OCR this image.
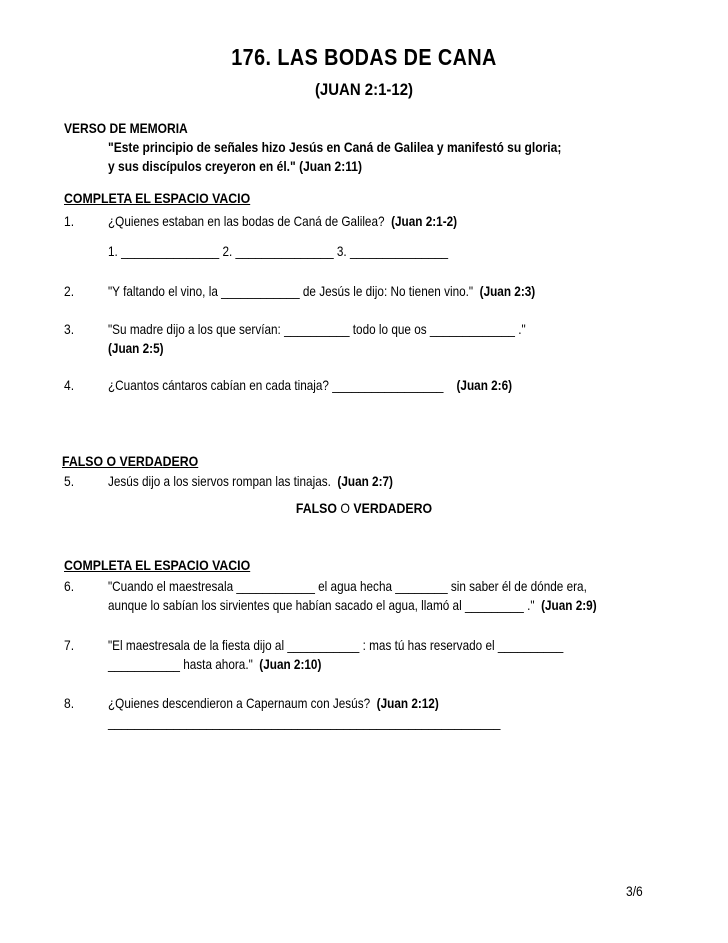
176. LAS BODAS DE CANA
(JUAN 2:1-12)
VERSO DE MEMORIA
"Este principio de señales hizo Jesús en Caná de Galilea y manifestó su gloria;
y sus discípulos creyeron en él." (Juan 2:11)
COMPLETA EL ESPACIO VACIO
1. ¿Quienes estaban en las bodas de Caná de Galilea? (Juan 2:1-2)
1. _______________ 2. _______________ 3. _______________
2. "Y faltando el vino, la ____________ de Jesús le dijo: No tienen vino." (Juan 2:3)
3. "Su madre dijo a los que servían: __________ todo lo que os _____________ ."
(Juan 2:5)
4. ¿Cuantos cántaros cabían en cada tinaja? _________________ (Juan 2:6)
FALSO O VERDADERO
5. Jesús dijo a los siervos rompan las tinajas. (Juan 2:7)
FALSO O VERDADERO
COMPLETA EL ESPACIO VACIO
6. "Cuando el maestresala ____________ el agua hecha ________ sin saber él de dónde era,
aunque lo sabían los sirvientes que habían sacado el agua, llamó al _________ ." (Juan 2:9)
7. "El maestresala de la fiesta dijo al ___________ : mas tú has reservado el __________
___________ hasta ahora." (Juan 2:10)
8. ¿Quienes descendieron a Capernaum con Jesús? (Juan 2:12)
____________________________________________________________
3/6
